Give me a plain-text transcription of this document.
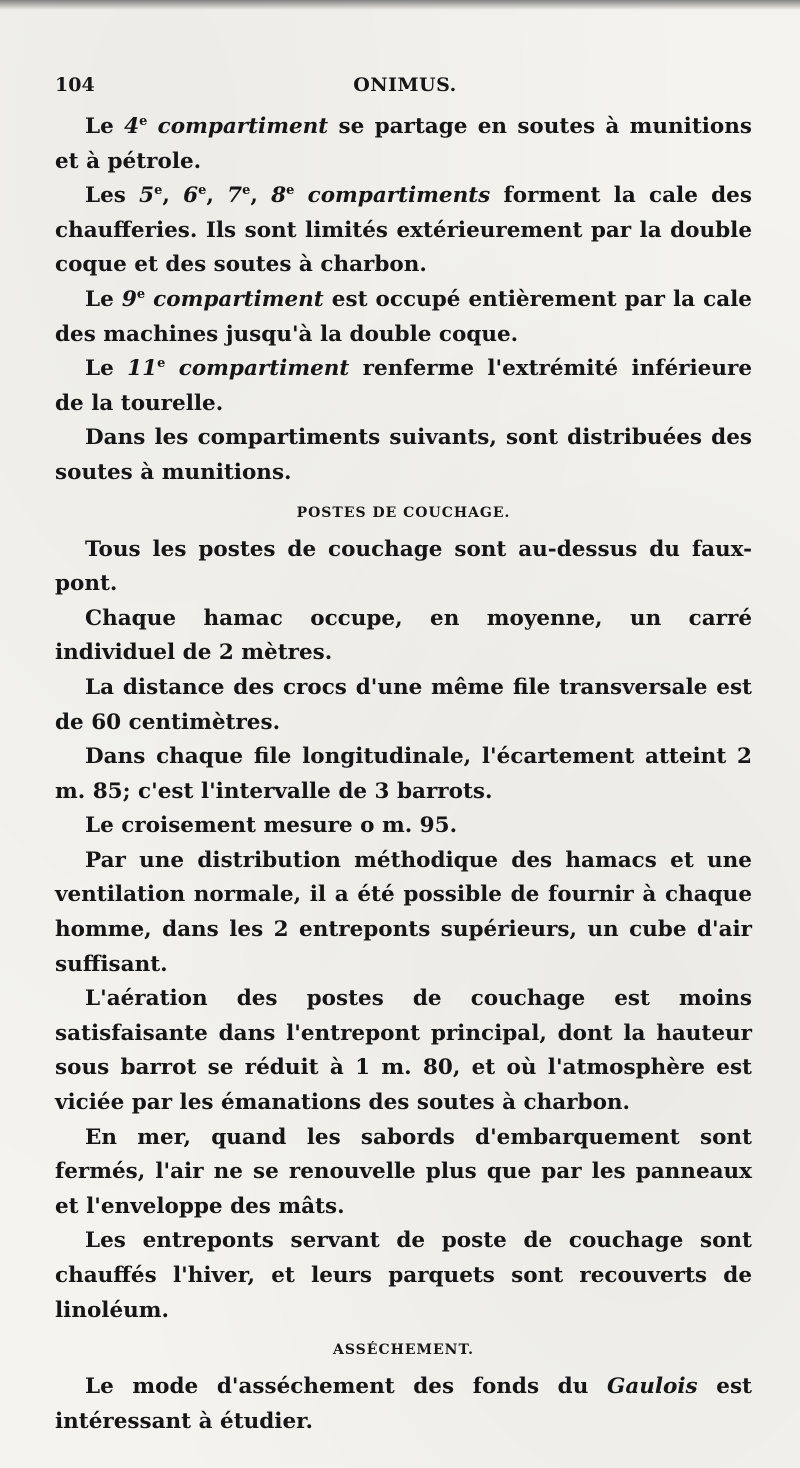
104	ONIMUS.

Le 4e compartiment se partage en soutes à munitions et à pétrole.

Les 5e, 6e, 7e, 8e compartiments forment la cale des chaufferies. Ils sont limités extérieurement par la double coque et des soutes à charbon.

Le 9e compartiment est occupé entièrement par la cale des machines jusqu'à la double coque.

Le 11e compartiment renferme l'extrémité inférieure de la tourelle.

Dans les compartiments suivants, sont distribuées des soutes à munitions.

POSTES DE COUCHAGE.

Tous les postes de couchage sont au-dessus du faux-pont.

Chaque hamac occupe, en moyenne, un carré individuel de 2 mètres.

La distance des crocs d'une même file transversale est de 60 centimètres.

Dans chaque file longitudinale, l'écartement atteint 2 m. 85; c'est l'intervalle de 3 barrots.

Le croisement mesure o m. 95.

Par une distribution méthodique des hamacs et une ventilation normale, il a été possible de fournir à chaque homme, dans les 2 entreponts supérieurs, un cube d'air suffisant.

L'aération des postes de couchage est moins satisfaisante dans l'entrepont principal, dont la hauteur sous barrot se réduit à 1 m. 80, et où l'atmosphère est viciée par les émanations des soutes à charbon.

En mer, quand les sabords d'embarquement sont fermés, l'air ne se renouvelle plus que par les panneaux et l'enveloppe des mâts.

Les entreponts servant de poste de couchage sont chauffés l'hiver, et leurs parquets sont recouverts de linoléum.

ASSÉCHEMENT.

Le mode d'asséchement des fonds du Gaulois est intéressant à étudier.
